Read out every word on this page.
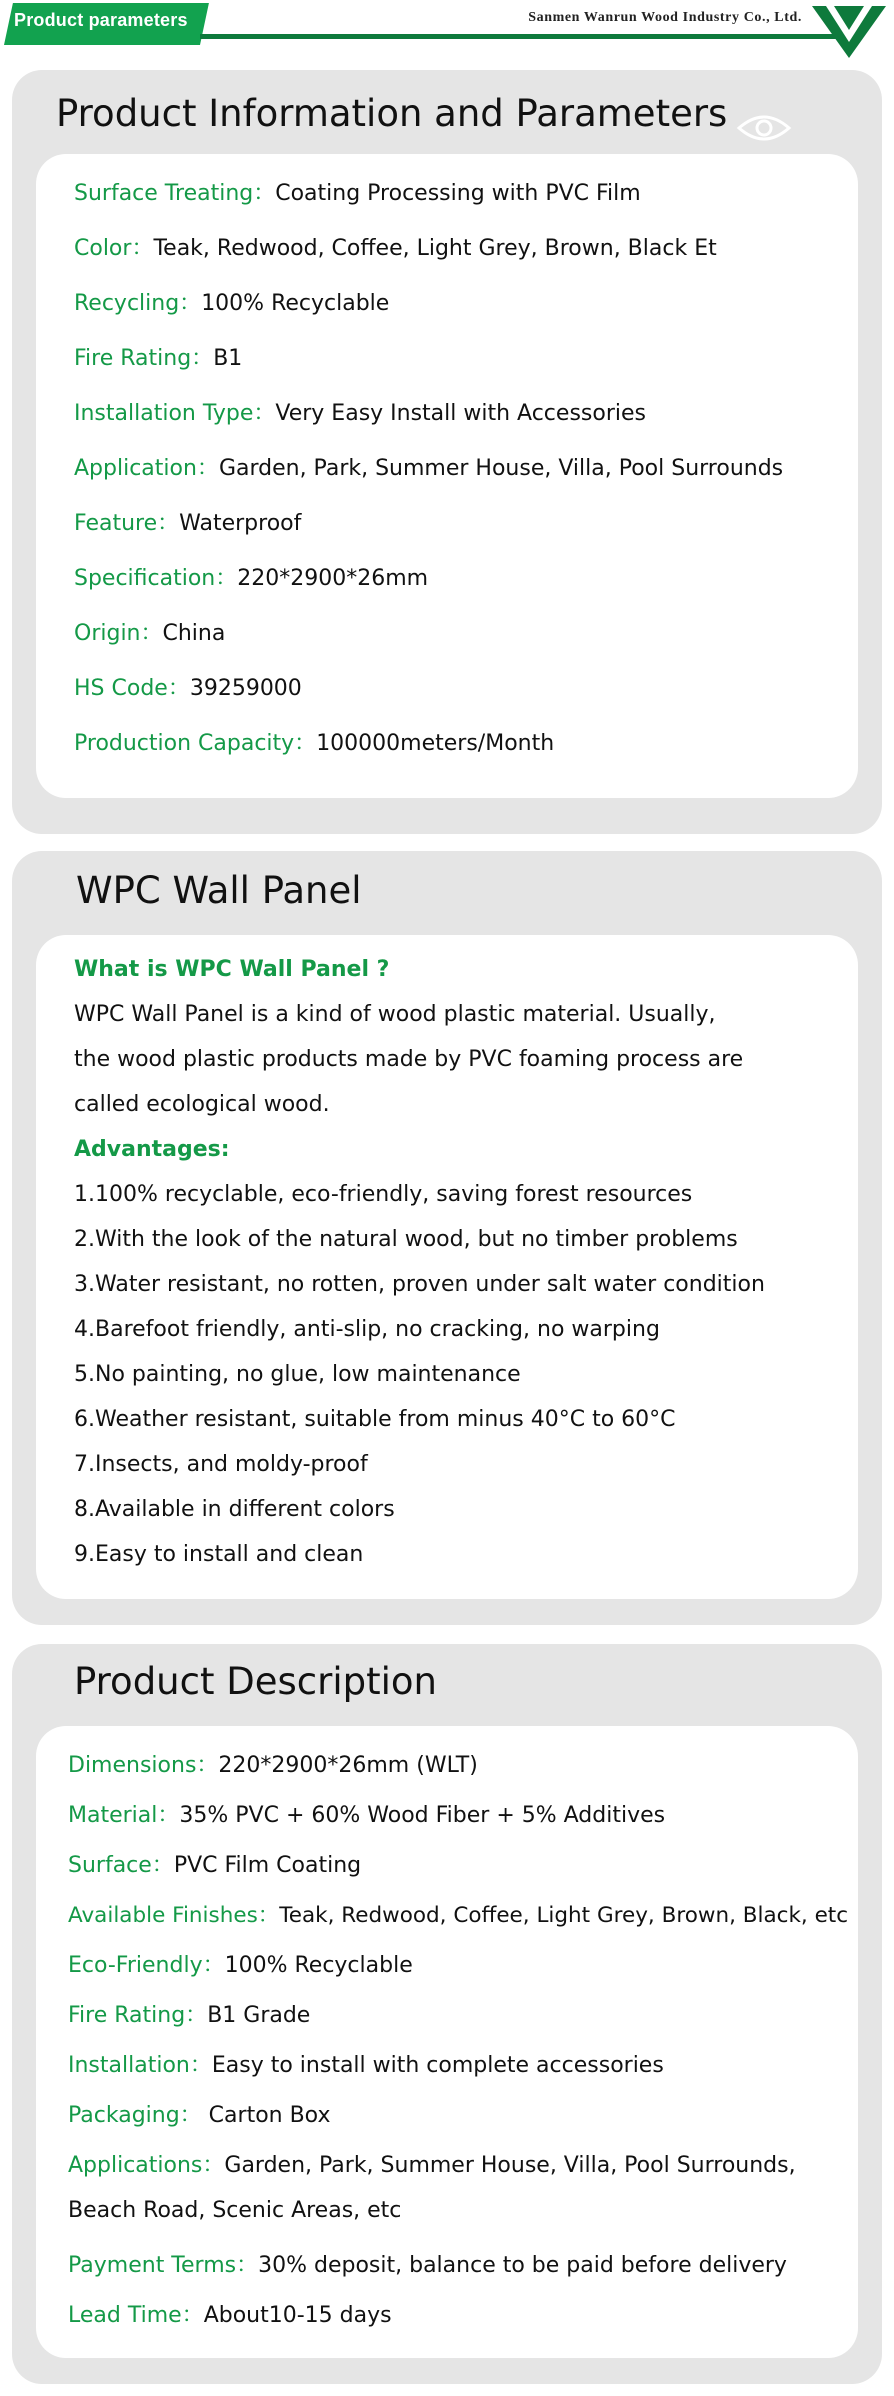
Product parameters	Sanmen Wanrun Wood Industry Co., Ltd.
Product Information and Parameters
Surface Treating：Coating Processing with PVC Film
Color：Teak, Redwood, Coffee, Light Grey, Brown, Black Et
Recycling：100% Recyclable
Fire Rating：B1
Installation Type：Very Easy Install with Accessories
Application：Garden, Park, Summer House, Villa, Pool Surrounds
Feature：Waterproof
Specification：220*2900*26mm
Origin：China
HS Code：39259000
Production Capacity：100000meters/Month
WPC Wall Panel
What is WPC Wall Panel ?
WPC Wall Panel is a kind of wood plastic material. Usually,
the wood plastic products made by PVC foaming process are
called ecological wood.
Advantages:
1.100% recyclable, eco-friendly, saving forest resources
2.With the look of the natural wood, but no timber problems
3.Water resistant, no rotten, proven under salt water condition
4.Barefoot friendly, anti-slip, no cracking, no warping
5.No painting, no glue, low maintenance
6.Weather resistant, suitable from minus 40°C to 60°C
7.Insects, and moldy-proof
8.Available in different colors
9.Easy to install and clean
Product Description
Dimensions：220*2900*26mm (WLT)
Material：35% PVC + 60% Wood Fiber + 5% Additives
Surface：PVC Film Coating
Available Finishes：Teak, Redwood, Coffee, Light Grey, Brown, Black, etc
Eco-Friendly：100% Recyclable
Fire Rating：B1 Grade
Installation：Easy to install with complete accessories
Packaging： Carton Box
Applications：Garden, Park, Summer House, Villa, Pool Surrounds,
Beach Road, Scenic Areas, etc
Payment Terms：30% deposit, balance to be paid before delivery
Lead Time：About10-15 days
